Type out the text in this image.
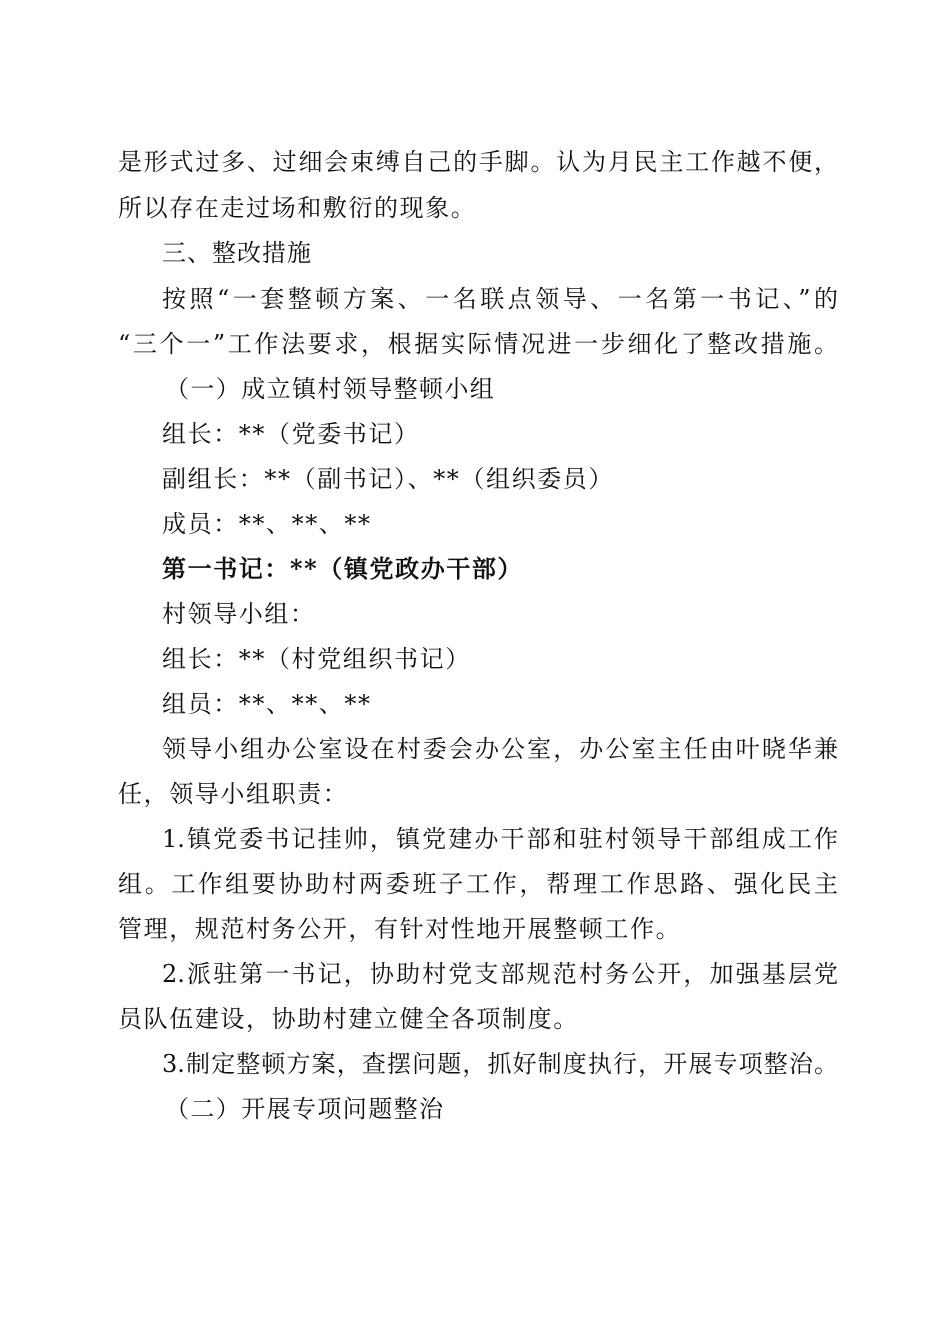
是形式过多、过细会束缚自己的手脚。认为月民主工作越不便，
所以存在走过场和敷衍的现象。
三、整改措施
按照“一套整顿方案、一名联点领导、一名第一书记、”的
“三个一”工作法要求，根据实际情况进一步细化了整改措施。
（一）成立镇村领导整顿小组
组长：**（党委书记）
副组长：**（副书记）、**（组织委员）
成员：**、**、**
第一书记：**（镇党政办干部）
村领导小组：
组长：**（村党组织书记）
组员：**、**、**
领导小组办公室设在村委会办公室，办公室主任由叶晓华兼
任，领导小组职责：
1.镇党委书记挂帅，镇党建办干部和驻村领导干部组成工作
组。工作组要协助村两委班子工作，帮理工作思路、强化民主
管理，规范村务公开，有针对性地开展整顿工作。
2.派驻第一书记，协助村党支部规范村务公开，加强基层党
员队伍建设，协助村建立健全各项制度。
3.制定整顿方案，查摆问题，抓好制度执行，开展专项整治。
（二）开展专项问题整治
